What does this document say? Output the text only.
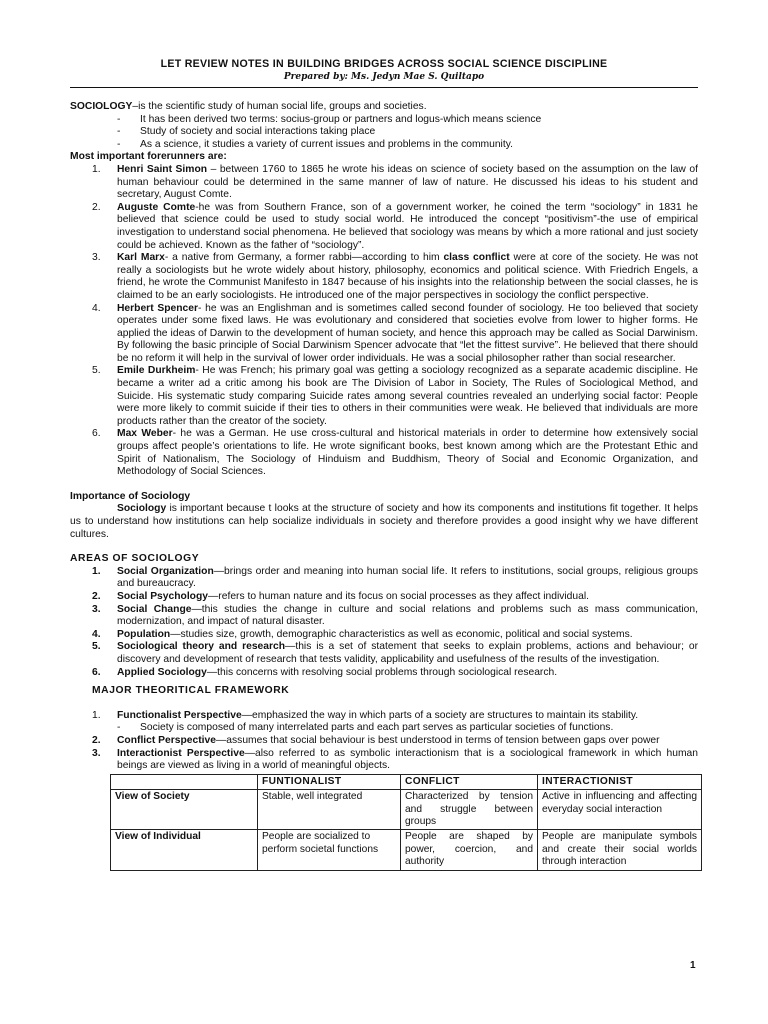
LET REVIEW NOTES IN BUILDING BRIDGES ACROSS SOCIAL SCIENCE DISCIPLINE
Prepared by: Ms. Jedyn Mae S. Quiltapo

SOCIOLOGY–is the scientific study of human social life, groups and societies.

- It has been derived two terms: socius-group or partners and logus-which means science

- Study of society and social interactions taking place

- As a science, it studies a variety of current issues and problems in the community.

Most important forerunners are:

1. Henri Saint Simon – between 1760 to 1865 he wrote his ideas on science of society based on the assumption on the law of human behaviour could be determined in the same manner of law of nature. He discussed his ideas to his student and secretary, August Comte.

2. Auguste Comte-he was from Southern France, son of a government worker, he coined the term “sociology” in 1831 he believed that science could be used to study social world. He introduced the concept “positivism”-the use of empirical investigation to understand social phenomena. He believed that sociology was means by which a more rational and just society could be achieved. Known as the father of “sociology”.

3. Karl Marx- a native from Germany, a former rabbi—according to him class conflict were at core of the society. He was not really a sociologists but he wrote widely about history, philosophy, economics and political science. With Friedrich Engels, a friend, he wrote the Communist Manifesto in 1847 because of his insights into the relationship between the social classes, he is claimed to be an early sociologists. He introduced one of the major perspectives in sociology the conflict perspective.

4. Herbert Spencer- he was an Englishman and is sometimes called second founder of sociology. He too believed that society operates under some fixed laws. He was evolutionary and considered that societies evolve from lower to higher forms. He applied the ideas of Darwin to the development of human society, and hence this approach may be called as Social Darwinism. By following the basic principle of Social Darwinism Spencer advocate that “let the fittest survive”. He believed that there should be no reform it will help in the survival of lower order individuals. He was a social philosopher rather than social researcher.

5. Emile Durkheim- He was French; his primary goal was getting a sociology recognized as a separate academic discipline. He became a writer ad a critic among his book are The Division of Labor in Society, The Rules of Sociological Method, and Suicide. His systematic study comparing Suicide rates among several countries revealed an underlying social factor: People were more likely to commit suicide if their ties to others in their communities were weak. He believed that individuals are more products rather than the creator of the society.

6. Max Weber- he was a German. He use cross-cultural and historical materials in order to determine how extensively social groups affect people’s orientations to life. He wrote significant books, best known among which are the Protestant Ethic and Spirit of Nationalism, The Sociology of Hinduism and Buddhism, Theory of Social and Economic Organization, and Methodology of Social Sciences.

Importance of Sociology

Sociology is important because t looks at the structure of society and how its components and institutions fit together. It helps us to understand how institutions can help socialize individuals in society and therefore provides a good insight why we have different cultures.

AREAS OF SOCIOLOGY

1. Social Organization—brings order and meaning into human social life. It refers to institutions, social groups, religious groups and bureaucracy.

2. Social Psychology—refers to human nature and its focus on social processes as they affect individual.

3. Social Change—this studies the change in culture and social relations and problems such as mass communication, modernization, and impact of natural disaster.

4. Population—studies size, growth, demographic characteristics as well as economic, political and social systems.

5. Sociological theory and research—this is a set of statement that seeks to explain problems, actions and behaviour; or discovery and development of research that tests validity, applicability and usefulness of the results of the investigation.

6. Applied Sociology—this concerns with resolving social problems through sociological research.

MAJOR THEORITICAL FRAMEWORK

1. Functionalist Perspective—emphasized the way in which parts of a society are structures to maintain its stability.

- Society is composed of many interrelated parts and each part serves as particular societies of functions.

2. Conflict Perspective—assumes that social behaviour is best understood in terms of tension between gaps over power

3. Interactionist Perspective—also referred to as symbolic interactionism that is a sociological framework in which human beings are viewed as living in a world of meaningful objects.

	FUNTIONALIST	CONFLICT	INTERACTIONIST
View of Society	Stable, well integrated	Characterized by tension and struggle between groups	Active in influencing and affecting everyday social interaction
View of Individual	People are socialized to perform societal functions	People are shaped by power, coercion, and authority	People are manipulate symbols and create their social worlds through interaction
1
